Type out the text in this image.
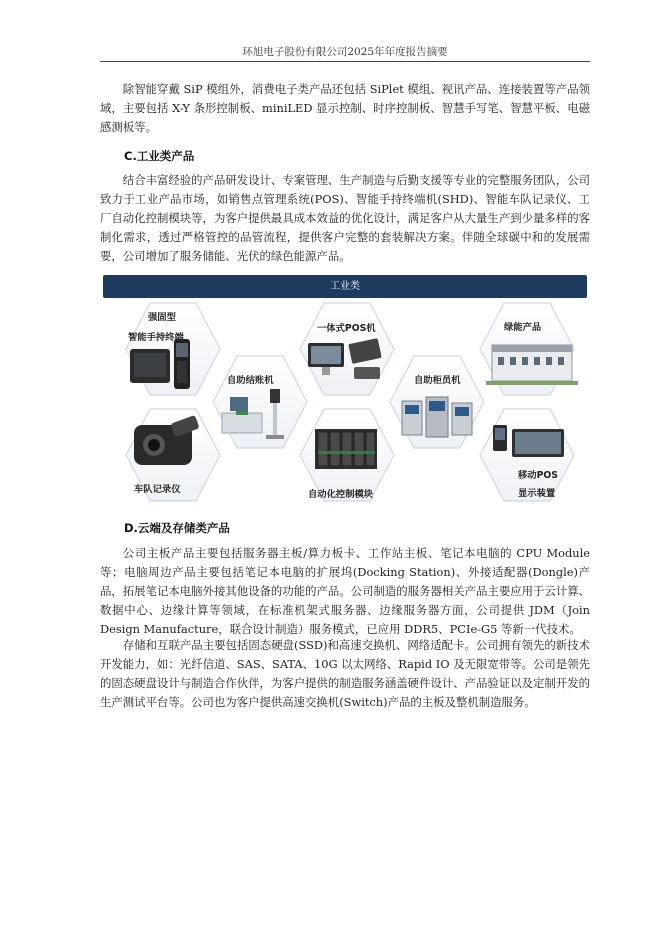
环旭电子股份有限公司2025年年度报告摘要

除智能穿戴 SiP 模组外，消费电子类产品还包括 SiPlet 模组、视讯产品、连接装置等产品领域，主要包括 X-Y 条形控制板、miniLED 显示控制、时序控制板、智慧手写笔、智慧平板、电磁感测板等。

C.工业类产品

结合丰富经验的产品研发设计、专案管理、生产制造与后勤支援等专业的完整服务团队，公司致力于工业产品市场，如销售点管理系统(POS)、智能手持终端机(SHD)、智能车队记录仪、工厂自动化控制模块等，为客户提供最具成本效益的优化设计，满足客户从大量生产到少量多样的客制化需求，透过严格管控的品管流程，提供客户完整的套装解决方案。伴随全球碳中和的发展需要，公司增加了服务储能、光伏的绿色能源产品。

工业类
强固型
智能手持终端
自助结账机
一体式POS机
自助柜员机
绿能产品
车队记录仪	自动化控制模块
移动POS
显示装置
D.云端及存储类产品

公司主板产品主要包括服务器主板/算力板卡、工作站主板、笔记本电脑的 CPU Module 等；电脑周边产品主要包括笔记本电脑的扩展坞(Docking Station)、外接适配器(Dongle)产品，拓展笔记本电脑外接其他设备的功能的产品。公司制造的服务器相关产品主要应用于云计算、数据中心、边缘计算等领域，在标准机架式服务器、边缘服务器方面，公司提供 JDM（Join Design Manufacture，联合设计制造）服务模式，已应用 DDR5、PCIe-G5 等新一代技术。

存储和互联产品主要包括固态硬盘(SSD)和高速交换机、网络适配卡。公司拥有领先的新技术开发能力，如：光纤信道、SAS、SATA、10G 以太网络、Rapid IO 及无限宽带等。公司是领先的固态硬盘设计与制造合作伙伴，为客户提供的制造服务涵盖硬件设计、产品验证以及定制开发的生产测试平台等。公司也为客户提供高速交换机(Switch)产品的主板及整机制造服务。
